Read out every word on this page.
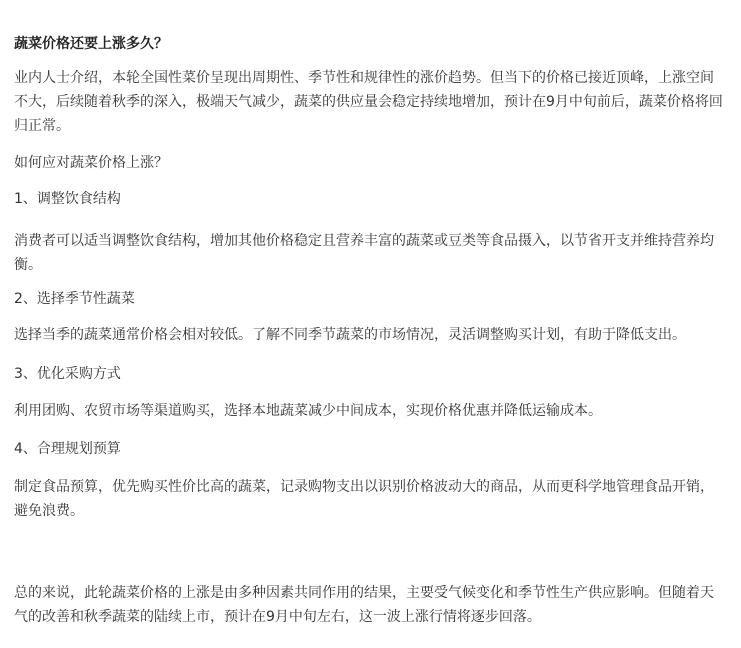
蔬菜价格还要上涨多久？

业内人士介绍，本轮全国性菜价呈现出周期性、季节性和规律性的涨价趋势。但当下的价格已接近顶峰，上涨空间不大，后续随着秋季的深入，极端天气减少，蔬菜的供应量会稳定持续地增加，预计在9月中旬前后，蔬菜价格将回归正常。

如何应对蔬菜价格上涨？

1、调整饮食结构

消费者可以适当调整饮食结构，增加其他价格稳定且营养丰富的蔬菜或豆类等食品摄入，以节省开支并维持营养均衡。

2、选择季节性蔬菜

选择当季的蔬菜通常价格会相对较低。了解不同季节蔬菜的市场情况，灵活调整购买计划，有助于降低支出。

3、优化采购方式

利用团购、农贸市场等渠道购买，选择本地蔬菜减少中间成本，实现价格优惠并降低运输成本。

4、合理规划预算

制定食品预算，优先购买性价比高的蔬菜，记录购物支出以识别价格波动大的商品，从而更科学地管理食品开销，避免浪费。

总的来说，此轮蔬菜价格的上涨是由多种因素共同作用的结果，主要受气候变化和季节性生产供应影响。但随着天气的改善和秋季蔬菜的陆续上市，预计在9月中旬左右，这一波上涨行情将逐步回落。
